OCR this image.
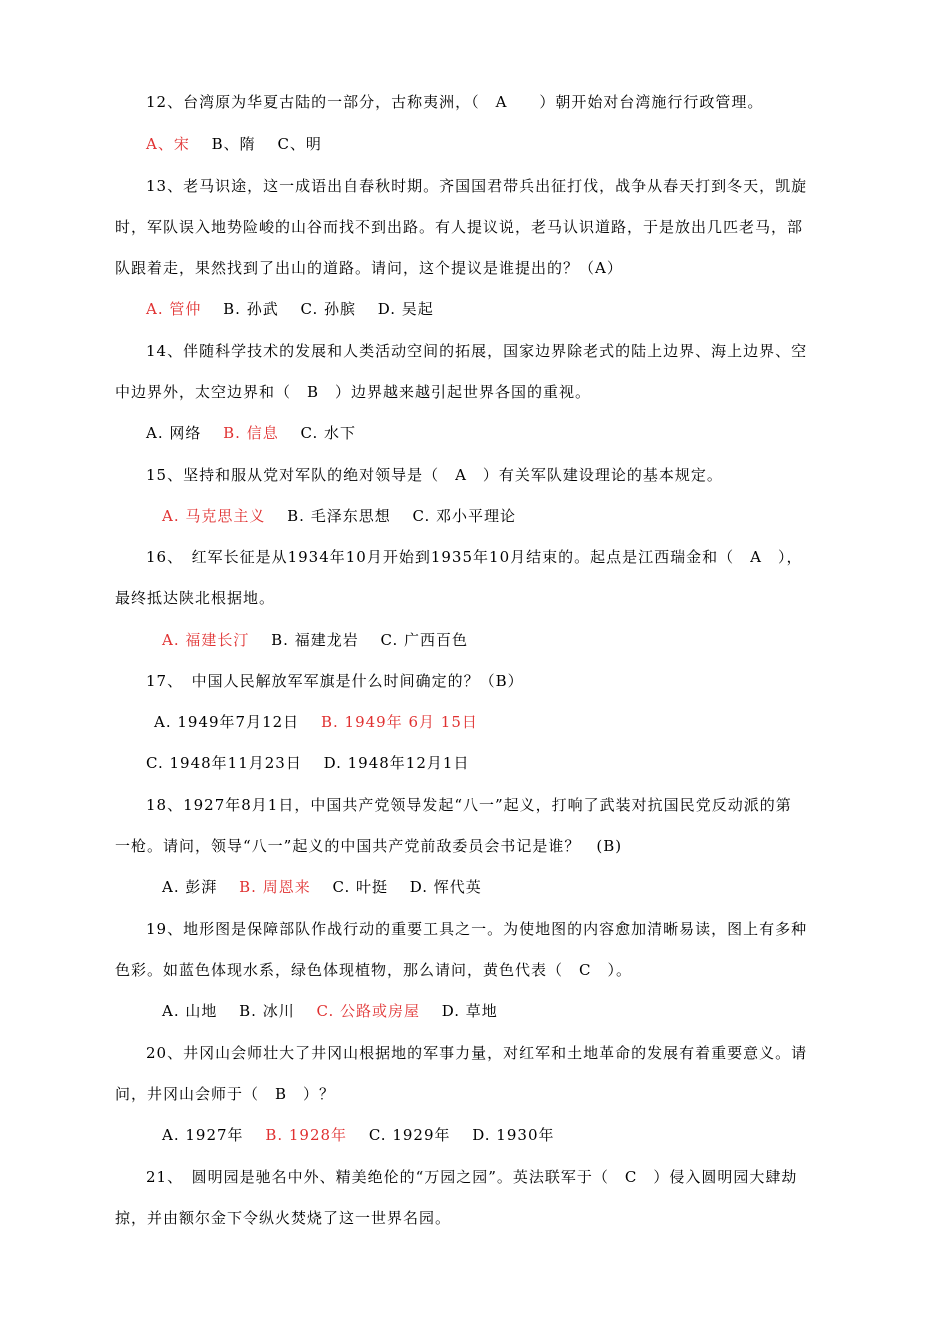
12、台湾原为华夏古陆的一部分，古称夷洲，（　A　　）朝开始对台湾施行行政管理。
A、宋 B、隋 C、明
13、老马识途，这一成语出自春秋时期。齐国国君带兵出征打伐，战争从春天打到冬天，凯旋
时，军队误入地势险峻的山谷而找不到出路。有人提议说，老马认识道路，于是放出几匹老马，部
队跟着走，果然找到了出山的道路。请问，这个提议是谁提出的？（A）
A. 管仲 B. 孙武 C. 孙膑 D. 吴起
14、伴随科学技术的发展和人类活动空间的拓展，国家边界除老式的陆上边界、海上边界、空
中边界外，太空边界和（　B　）边界越来越引起世界各国的重视。
A. 网络 B. 信息 C. 水下
15、坚持和服从党对军队的绝对领导是（　A　）有关军队建设理论的基本规定。
A. 马克思主义 B. 毛泽东思想 C. 邓小平理论
16、　红军长征是从1934年10月开始到1935年10月结束的。起点是江西瑞金和（　A　），
最终抵达陕北根据地。
A. 福建长汀 B. 福建龙岩 C. 广西百色
17、　中国人民解放军军旗是什么时间确定的？（B）
A. 1949年7月12日 B. 1949年 6月 15日
C. 1948年11月23日 D. 1948年12月1日
18、1927年8月1日，中国共产党领导发起“八一”起义，打响了武装对抗国民党反动派的第
一枪。请问，领导“八一”起义的中国共产党前敌委员会书记是谁？　(B)
A. 彭湃 B. 周恩来 C. 叶挺 D. 恽代英
19、地形图是保障部队作战行动的重要工具之一。为使地图的内容愈加清晰易读，图上有多种
色彩。如蓝色体现水系，绿色体现植物，那么请问，黄色代表（　C　）。
A. 山地 B. 冰川 C. 公路或房屋 D. 草地
20、井冈山会师壮大了井冈山根据地的军事力量，对红军和土地革命的发展有着重要意义。请
问，井冈山会师于（　B　）？
A. 1927年 B. 1928年 C. 1929年 D. 1930年
21、　圆明园是驰名中外、精美绝伦的“万园之园”。英法联军于（　C　）侵入圆明园大肆劫
掠，并由额尔金下令纵火焚烧了这一世界名园。
